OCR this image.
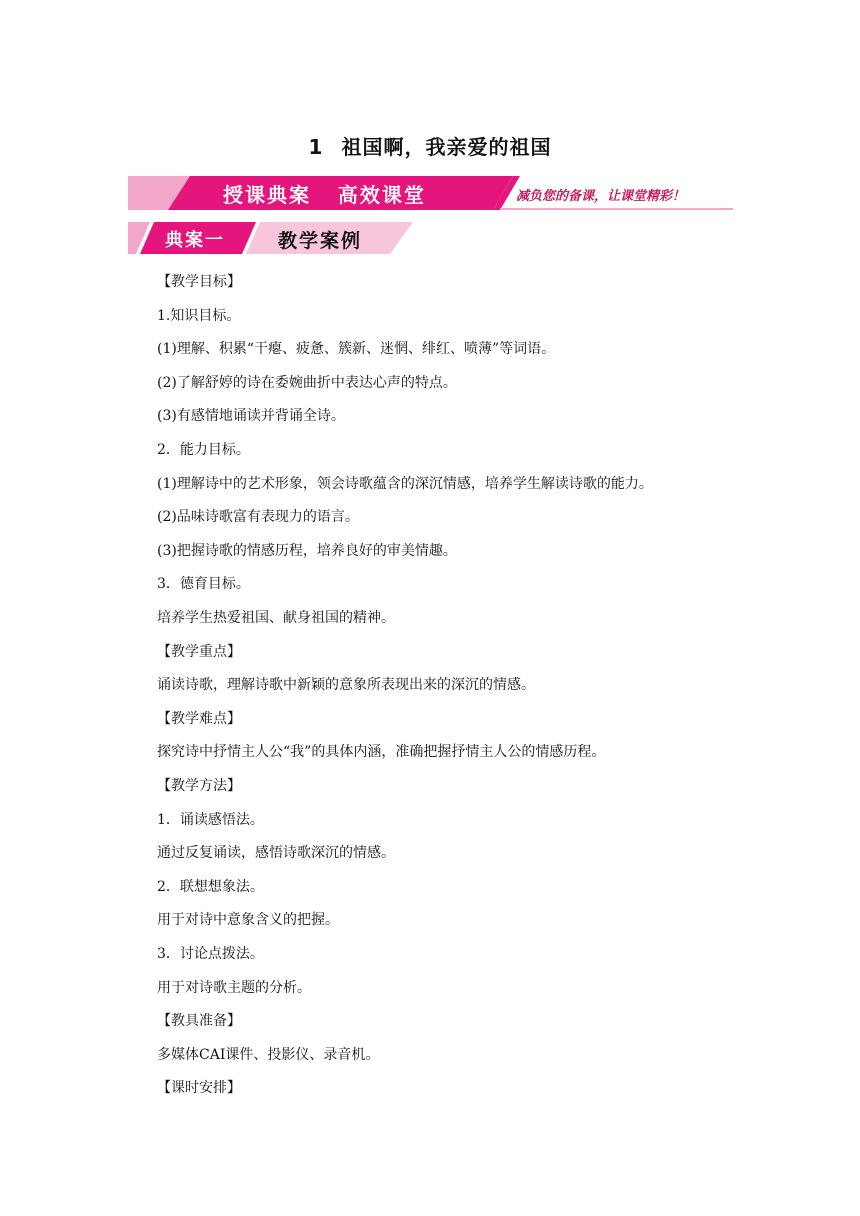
1 祖国啊，我亲爱的祖国
授课典案   高效课堂	减负您的备课，让课堂精彩！
典案一	教学案例
【教学目标】
1.知识目标。
(1)理解、积累“干瘪、疲惫、簇新、迷惘、绯红、喷薄”等词语。
(2)了解舒婷的诗在委婉曲折中表达心声的特点。
(3)有感情地诵读并背诵全诗。
2．能力目标。
(1)理解诗中的艺术形象，领会诗歌蕴含的深沉情感，培养学生解读诗歌的能力。
(2)品味诗歌富有表现力的语言。
(3)把握诗歌的情感历程，培养良好的审美情趣。
3．德育目标。
培养学生热爱祖国、献身祖国的精神。
【教学重点】
诵读诗歌，理解诗歌中新颖的意象所表现出来的深沉的情感。
【教学难点】
探究诗中抒情主人公“我”的具体内涵，准确把握抒情主人公的情感历程。
【教学方法】
1．诵读感悟法。
通过反复诵读，感悟诗歌深沉的情感。
2．联想想象法。
用于对诗中意象含义的把握。
3．讨论点拨法。
用于对诗歌主题的分析。
【教具准备】
多媒体CAI课件、投影仪、录音机。
【课时安排】
